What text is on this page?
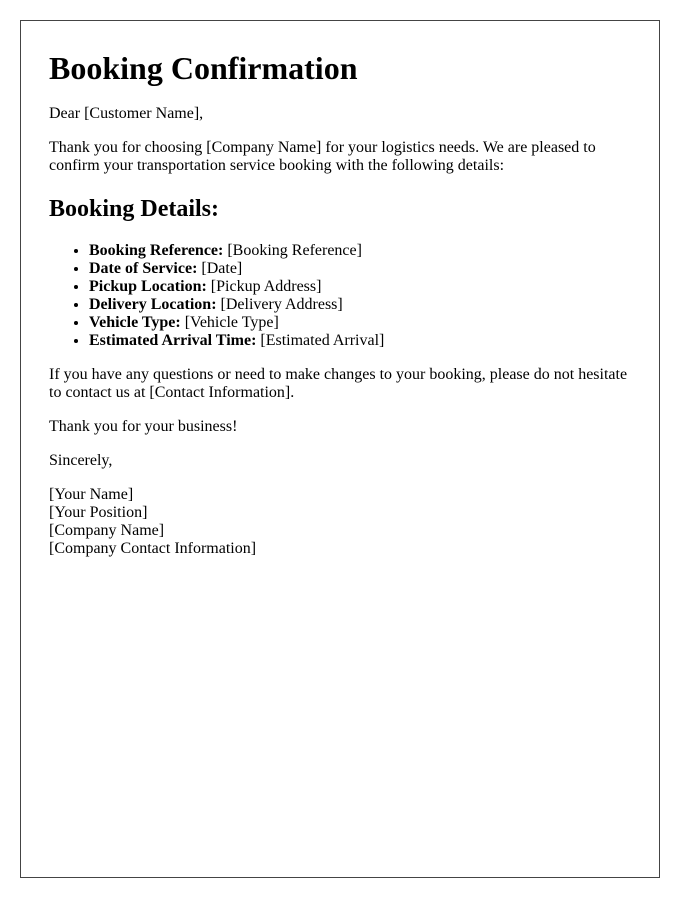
Booking Confirmation

Dear [Customer Name],

Thank you for choosing [Company Name] for your logistics needs. We are pleased to confirm your transportation service booking with the following details:

Booking Details:
• Booking Reference: [Booking Reference]
• Date of Service: [Date]
• Pickup Location: [Pickup Address]
• Delivery Location: [Delivery Address]
• Vehicle Type: [Vehicle Type]
• Estimated Arrival Time: [Estimated Arrival]

If you have any questions or need to make changes to your booking, please do not hesitate to contact us at [Contact Information].

Thank you for your business!

Sincerely,

[Your Name]
[Your Position]
[Company Name]
[Company Contact Information]
